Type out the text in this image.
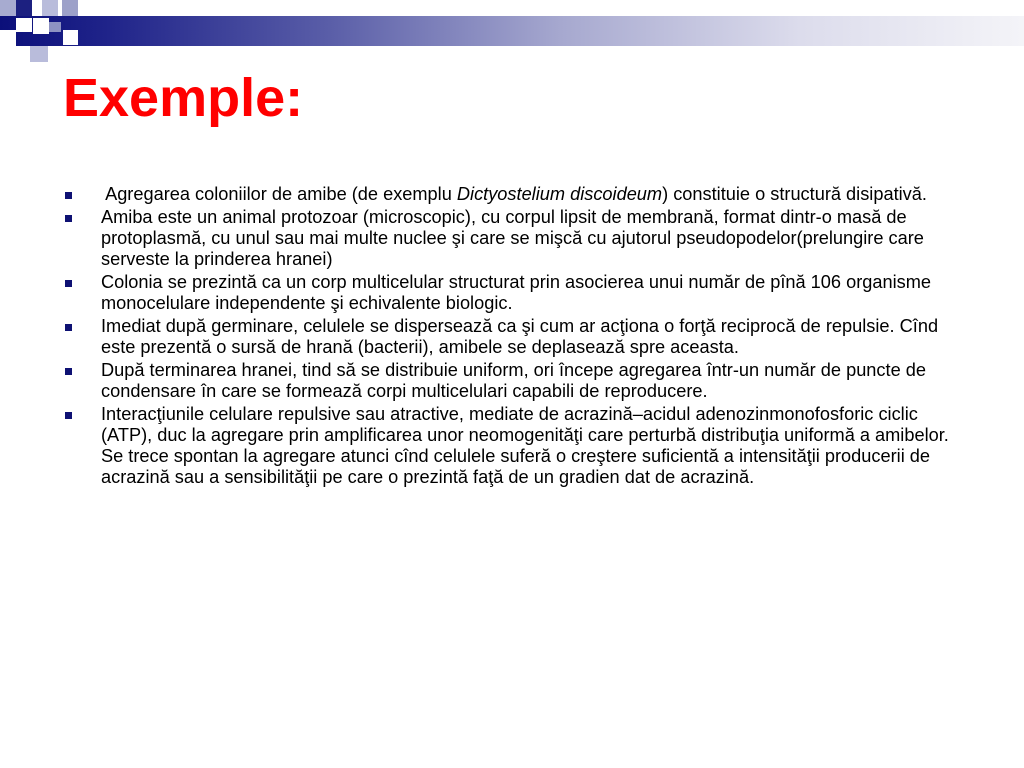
Exemple:
Agregarea coloniilor de amibe (de exemplu Dictyostelium discoideum) constituie o structură disipativă.
Amiba este un animal protozoar (microscopic), cu corpul lipsit de membrană, format dintr-o masă de protoplasmă, cu unul sau mai multe nuclee şi care se mişcă cu ajutorul pseudopodelor(prelungire care serveste la prinderea hranei)
Colonia se prezintă ca un corp multicelular structurat prin asocierea unui număr de pînă 106 organisme monocelulare independente şi echivalente biologic.
Imediat după germinare, celulele se dispersează ca şi cum ar acţiona o forţă reciprocă de repulsie. Cînd este prezentă o sursă de hrană (bacterii), amibele se deplasează spre aceasta.
După terminarea hranei, tind să se distribuie uniform, ori începe agregarea într-un număr de puncte de condensare în care se formează corpi multicelulari capabili de reproducere.
Interacţiunile celulare repulsive sau atractive, mediate de acrazină–acidul adenozinmonofosforic ciclic (ATP), duc la agregare prin amplificarea unor neomogenităţi care perturbă distribuţia uniformă a amibelor. Se trece spontan la agregare atunci cînd celulele suferă o creştere suficientă a intensităţii producerii de acrazină sau a sensibilităţii pe care o prezintă faţă de un gradien dat de acrazină.
